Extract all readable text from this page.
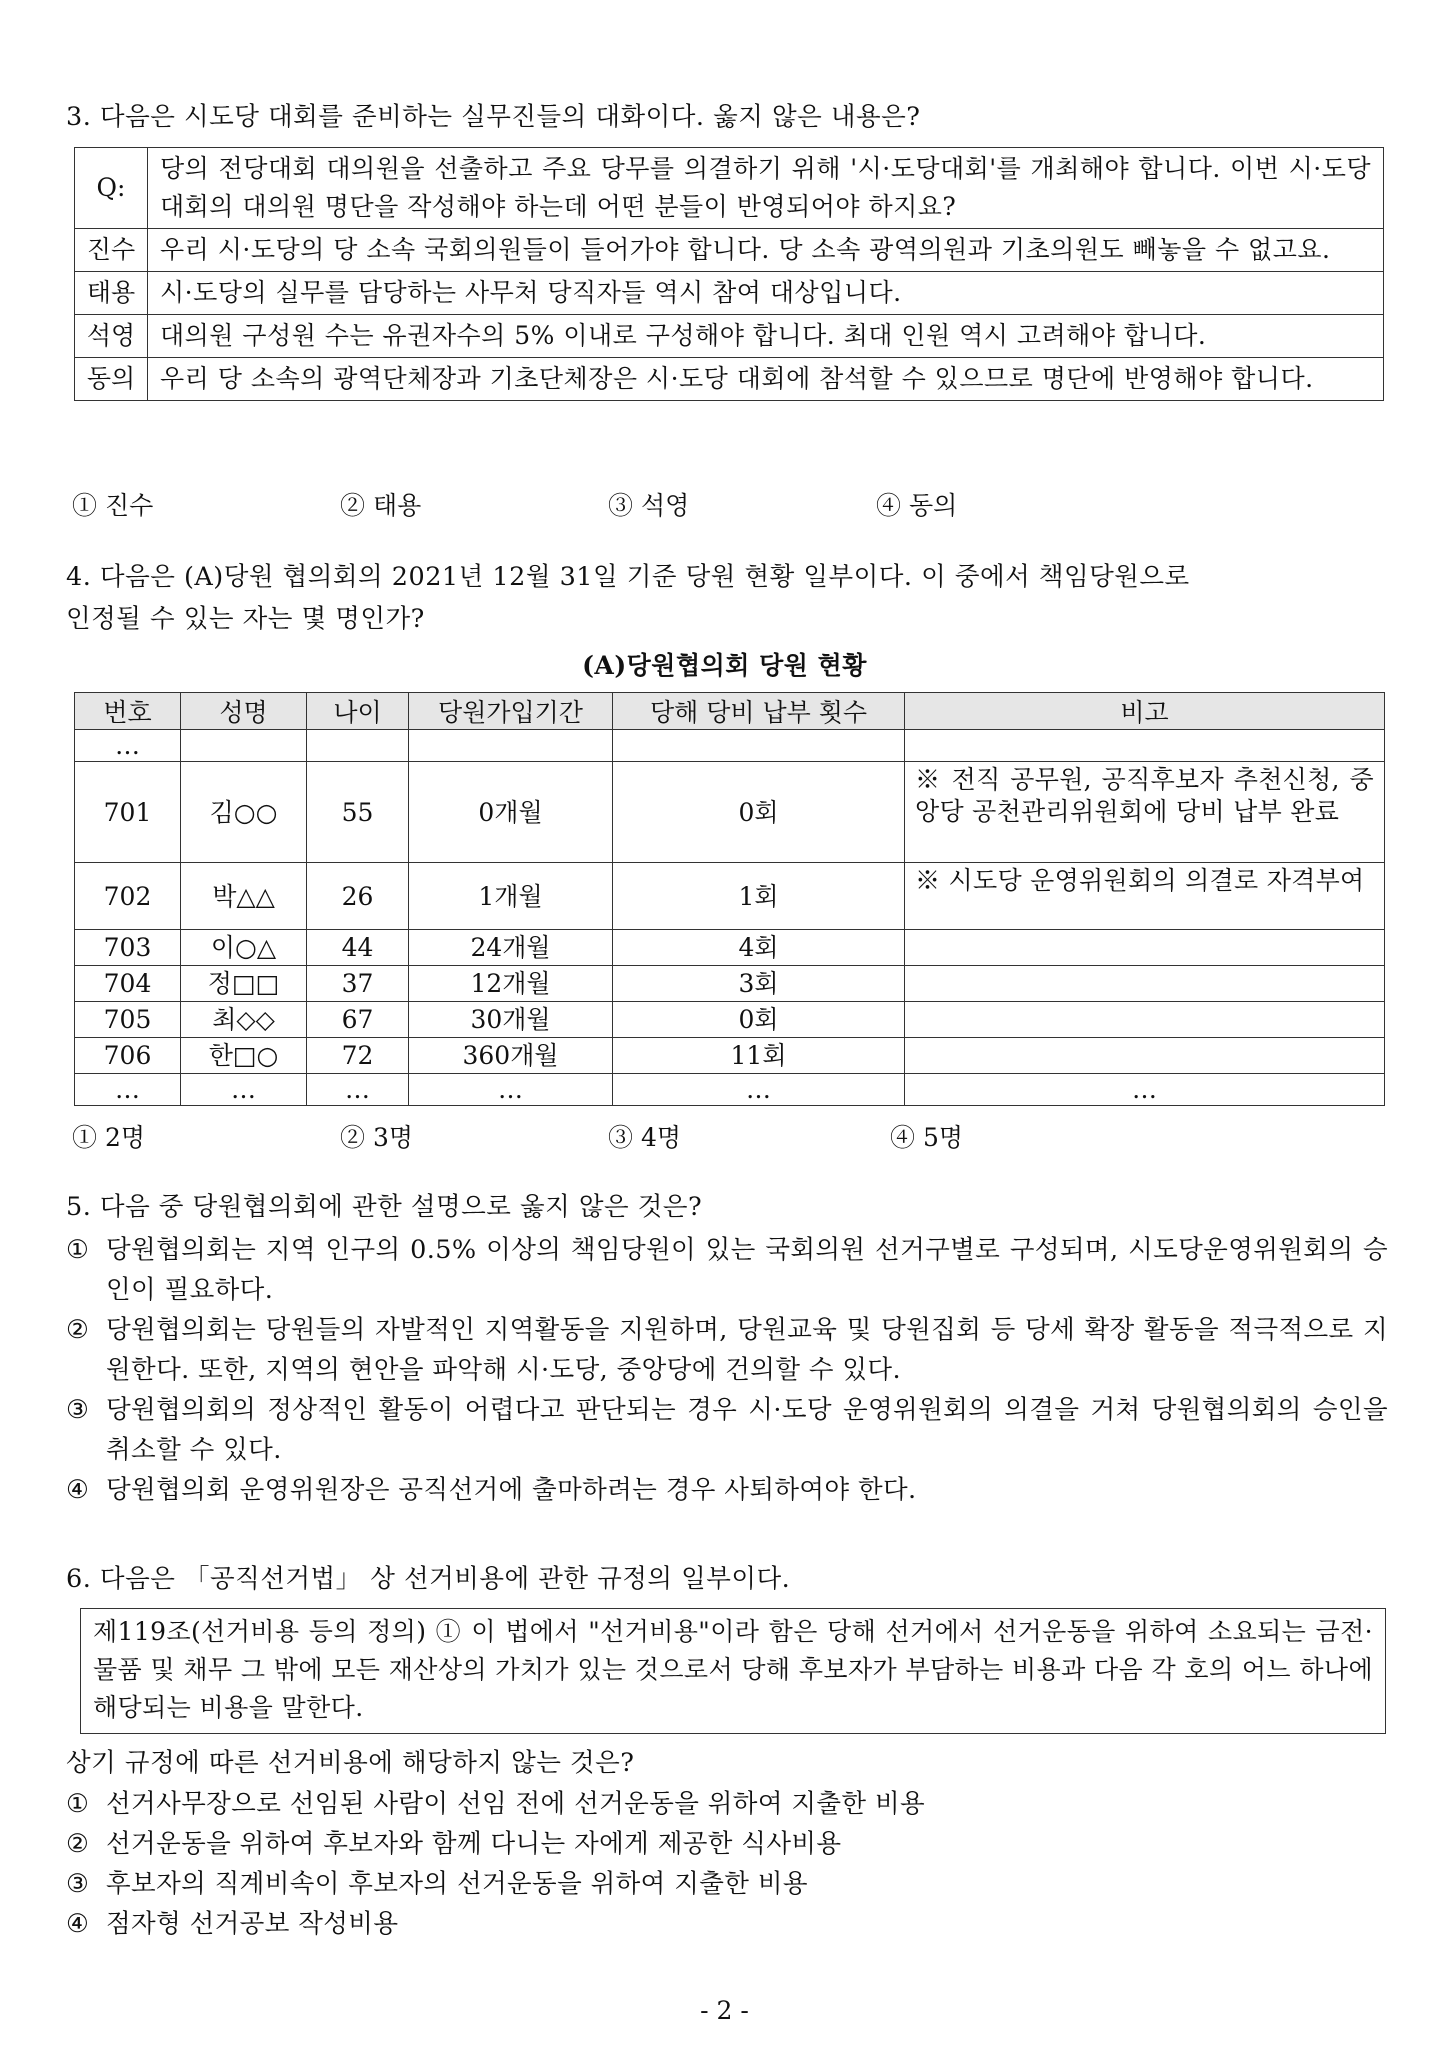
3. 다음은 시도당 대회를 준비하는 실무진들의 대화이다. 옳지 않은 내용은?
Q:	당의 전당대회 대의원을 선출하고 주요 당무를 의결하기 위해 '시·도당대회'를 개최해야 합니다. 이번 시·도당 대회의 대의원 명단을 작성해야 하는데 어떤 분들이 반영되어야 하지요?
진수	우리 시·도당의 당 소속 국회의원들이 들어가야 합니다. 당 소속 광역의원과 기초의원도 빼놓을 수 없고요.
태용	시·도당의 실무를 담당하는 사무처 당직자들 역시 참여 대상입니다.
석영	대의원 구성원 수는 유권자수의 5% 이내로 구성해야 합니다. 최대 인원 역시 고려해야 합니다.
동의	우리 당 소속의 광역단체장과 기초단체장은 시·도당 대회에 참석할 수 있으므로 명단에 반영해야 합니다.
① 진수	② 태용	③ 석영	④ 동의
4. 다음은 (A)당원 협의회의 2021년 12월 31일 기준 당원 현황 일부이다. 이 중에서 책임당원으로
인정될 수 있는 자는 몇 명인가?
(A)당원협의회 당원 현황
번호	성명	나이	당원가입기간	당해 당비 납부 횟수	비고
…					
701	김○○	55	0개월	0회	※ 전직 공무원, 공직후보자 추천신청, 중앙당 공천관리위원회에 당비 납부 완료
702	박△△	26	1개월	1회	※ 시도당 운영위원회의 의결로 자격부여
703	이○△	44	24개월	4회	
704	정□□	37	12개월	3회	
705	최◇◇	67	30개월	0회	
706	한□○	72	360개월	11회	
…	…	…	…	…	…
① 2명	② 3명	③ 4명	④ 5명
5. 다음 중 당원협의회에 관한 설명으로 옳지 않은 것은?
① 당원협의회는 지역 인구의 0.5% 이상의 책임당원이 있는 국회의원 선거구별로 구성되며, 시도당운영위원회의 승인이 필요하다.
② 당원협의회는 당원들의 자발적인 지역활동을 지원하며, 당원교육 및 당원집회 등 당세 확장 활동을 적극적으로 지원한다. 또한, 지역의 현안을 파악해 시·도당, 중앙당에 건의할 수 있다.
③ 당원협의회의 정상적인 활동이 어렵다고 판단되는 경우 시·도당 운영위원회의 의결을 거쳐 당원협의회의 승인을 취소할 수 있다.
④ 당원협의회 운영위원장은 공직선거에 출마하려는 경우 사퇴하여야 한다.
6. 다음은 「공직선거법」 상 선거비용에 관한 규정의 일부이다.
제119조(선거비용 등의 정의) ① 이 법에서 "선거비용"이라 함은 당해 선거에서 선거운동을 위하여 소요되는 금전·물품 및 채무 그 밖에 모든 재산상의 가치가 있는 것으로서 당해 후보자가 부담하는 비용과 다음 각 호의 어느 하나에 해당되는 비용을 말한다.
상기 규정에 따른 선거비용에 해당하지 않는 것은?
① 선거사무장으로 선임된 사람이 선임 전에 선거운동을 위하여 지출한 비용
② 선거운동을 위하여 후보자와 함께 다니는 자에게 제공한 식사비용
③ 후보자의 직계비속이 후보자의 선거운동을 위하여 지출한 비용
④ 점자형 선거공보 작성비용
- 2 -
